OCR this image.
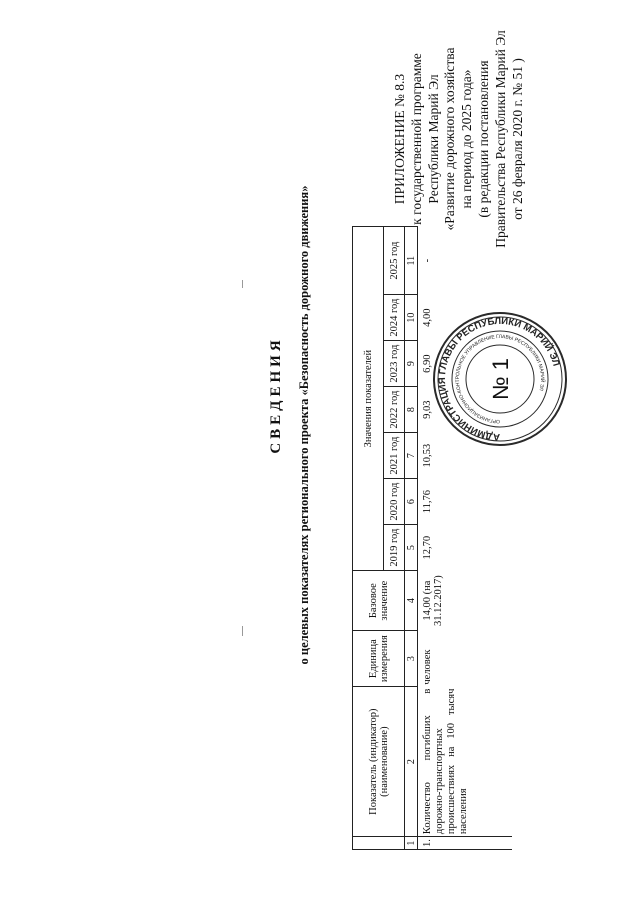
ПРИЛОЖЕНИЕ № 8.3 к государственной программе Республики Марий Эл «Развитие дорожного хозяйства на период до 2025 года» (в редакции постановления Правительства Республики Марий Эл от 26 февраля 2020 г. № 51 )
СВЕДЕНИЯ о целевых показателях регионального проекта «Безопасность дорожного движения»
	Показатель (индикатор) (наименование)	Единица измерения	Базовое значение	Значения показателей						
				2019 год	2020 год	2021 год	2022 год	2023 год	2024 год	2025 год
1	2	3	4	5	6	7	8	9	10	11
1.	Количество погибших в дорожно-транспортных происшествиях на 100 тысяч населения	человек	14,00 (на 31.12.2017)	12,70	11,76	10,53	9,03	6,90	4,00	-
АДМИНИСТРАЦИЯ ГЛАВЫ РЕСПУБЛИКИ МАРИЙ ЭЛ
ОРГАНИЗАЦИОННО-КОНТРОЛЬНОЕ УПРАВЛЕНИЕ ГЛАВЫ РЕСПУБЛИКИ МАРИЙ ЭЛ
№ 1
